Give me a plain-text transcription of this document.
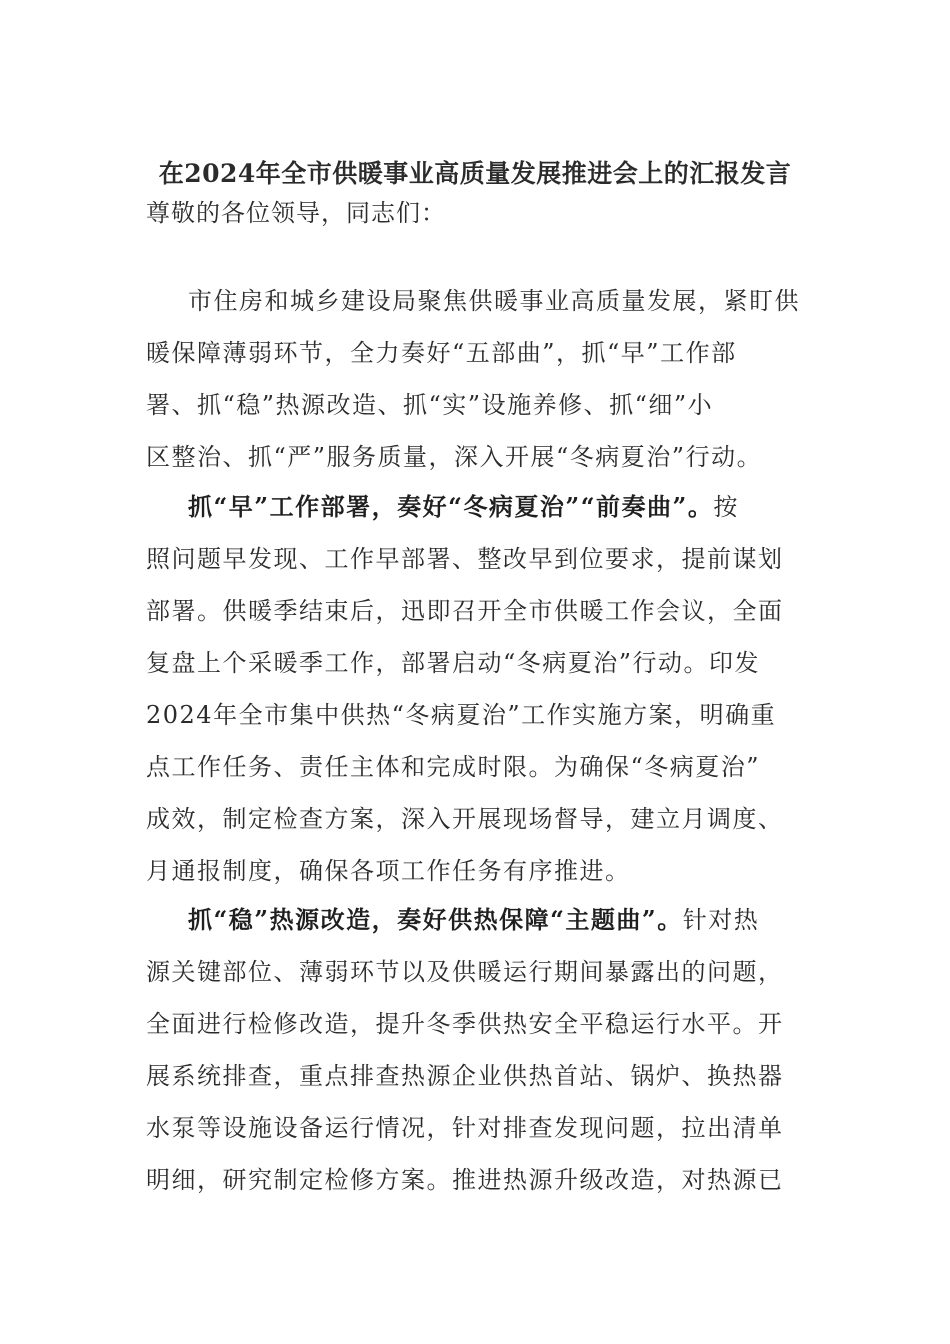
在2024年全市供暖事业高质量发展推进会上的汇报发言

尊敬的各位领导，同志们：

市住房和城乡建设局聚焦供暖事业高质量发展，紧盯供
暖保障薄弱环节，全力奏好“五部曲”，抓“早”工作部
署、抓“稳”热源改造、抓“实”设施养修、抓“细”小
区整治、抓“严”服务质量，深入开展“冬病夏治”行动。
抓“早”工作部署，奏好“冬病夏治”“前奏曲”。按
照问题早发现、工作早部署、整改早到位要求，提前谋划
部署。供暖季结束后，迅即召开全市供暖工作会议，全面
复盘上个采暖季工作，部署启动“冬病夏治”行动。印发
2024年全市集中供热“冬病夏治”工作实施方案，明确重
点工作任务、责任主体和完成时限。为确保“冬病夏治”
成效，制定检查方案，深入开展现场督导，建立月调度、
月通报制度，确保各项工作任务有序推进。
抓“稳”热源改造，奏好供热保障“主题曲”。针对热
源关键部位、薄弱环节以及供暖运行期间暴露出的问题，
全面进行检修改造，提升冬季供热安全平稳运行水平。开
展系统排查，重点排查热源企业供热首站、锅炉、换热器
水泵等设施设备运行情况，针对排查发现问题，拉出清单
明细，研究制定检修方案。推进热源升级改造，对热源已
